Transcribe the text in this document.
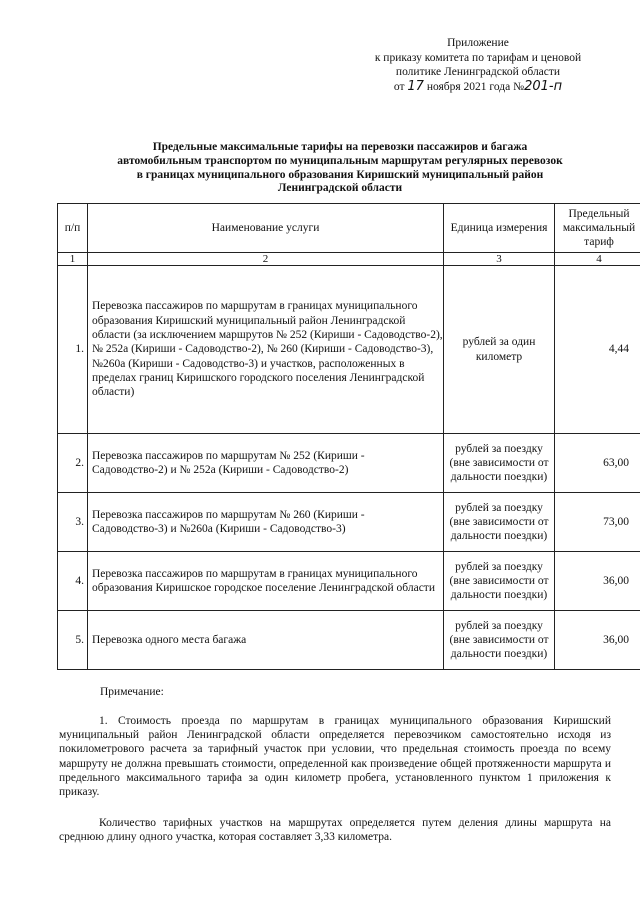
Приложение
к приказу комитета по тарифам и ценовой
политике Ленинградской области
от 17 ноября 2021 года №201-п
Предельные максимальные тарифы на перевозки пассажиров и багажа
автомобильным транспортом по муниципальным маршрутам регулярных перевозок
в границах муниципального образования Киришский муниципальный район
Ленинградской области
п/п	Наименование услуги	Единица измерения	Предельный максимальный тариф
1	2	3	4
1.	Перевозка пассажиров по маршрутам в границах муниципального образования Киришский муниципальный район Ленинградской области (за исключением маршрутов № 252 (Кириши - Садоводство-2), № 252а (Кириши - Садоводство-2), № 260 (Кириши - Садоводство-3), №260а (Кириши - Садоводство-3) и участков, расположенных в пределах границ Киришского городского поселения Ленинградской области)	рублей за один километр	4,44
2.	Перевозка пассажиров по маршрутам № 252 (Кириши - Садоводство-2) и № 252а (Кириши - Садоводство-2)	рублей за поездку (вне зависимости от дальности поездки)	63,00
3.	Перевозка пассажиров по маршрутам № 260 (Кириши - Садоводство-3) и №260а (Кириши - Садоводство-3)	рублей за поездку (вне зависимости от дальности поездки)	73,00
4.	Перевозка пассажиров по маршрутам в границах муниципального образования Киришское городское поселение Ленинградской области	рублей за поездку (вне зависимости от дальности поездки)	36,00
5.	Перевозка одного места багажа	рублей за поездку (вне зависимости от дальности поездки)	36,00
Примечание:
1. Стоимость проезда по маршрутам в границах муниципального образования Киришский муниципальный район Ленинградской области определяется перевозчиком самостоятельно исходя из покилометрового расчета за тарифный участок при условии, что предельная стоимость проезда по всему маршруту не должна превышать стоимости, определенной как произведение общей протяженности маршрута и предельного максимального тарифа за один километр пробега, установленного пунктом 1 приложения к приказу.
Количество тарифных участков на маршрутах определяется путем деления длины маршрута на среднюю длину одного участка, которая составляет 3,33 километра.
